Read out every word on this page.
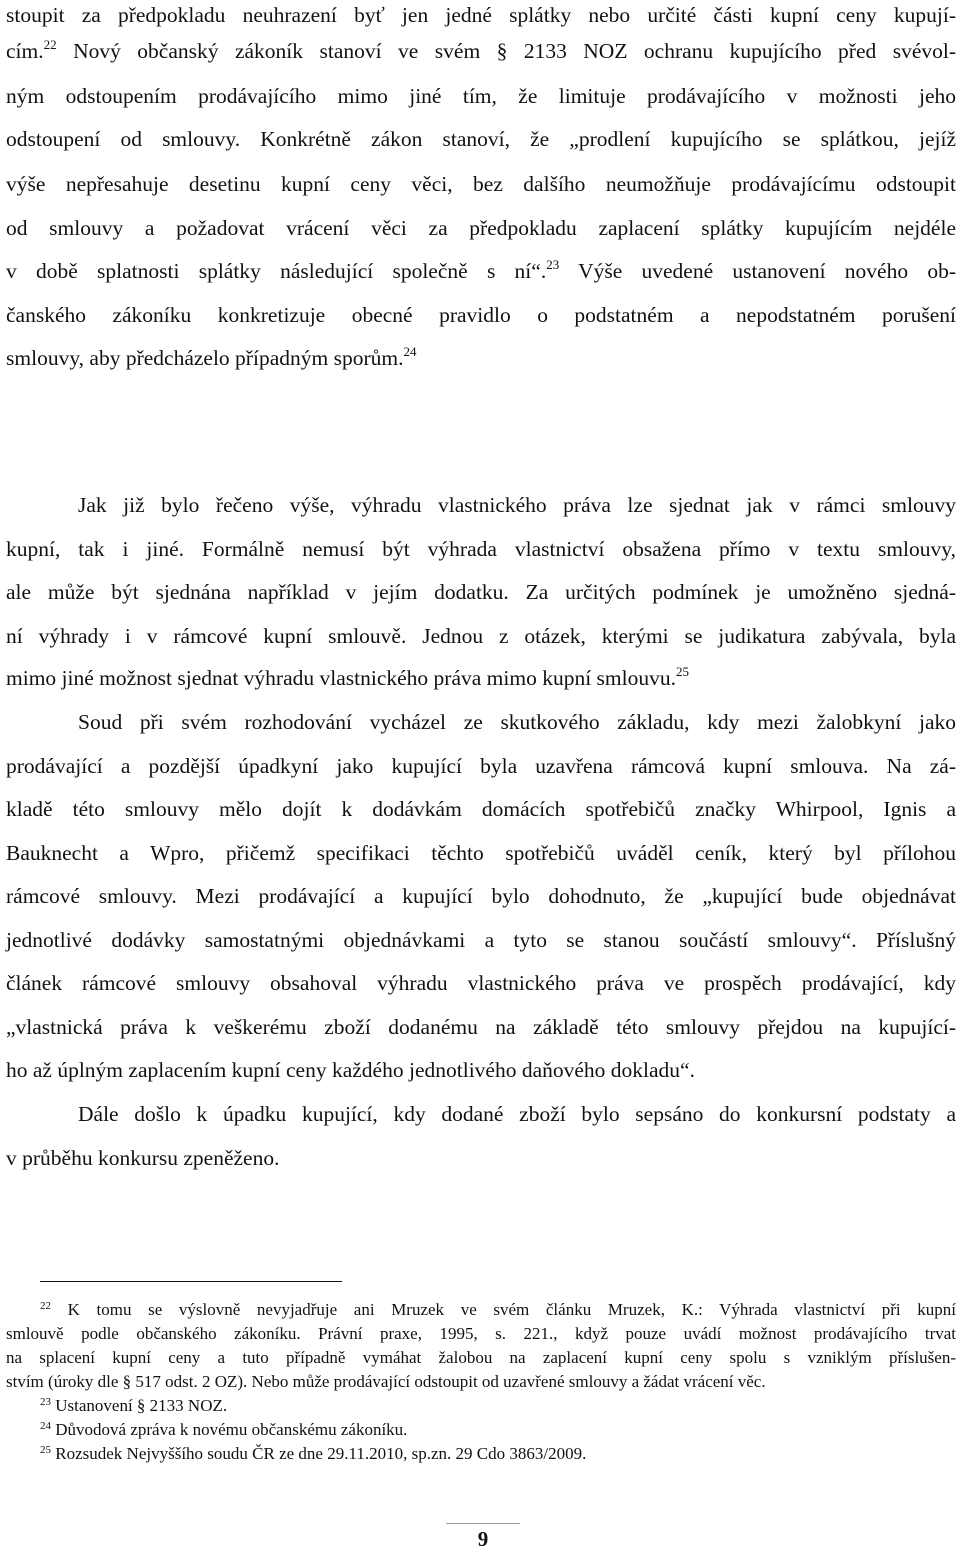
stoupit za předpokladu neuhrazení byť jen jedné splátky nebo určité části kupní ceny kupují-
cím.$^{22}$ Nový občanský zákoník stanoví ve svém § 2133 NOZ ochranu kupujícího před svévol-
ným odstoupením prodávajícího mimo jiné tím, že limituje prodávajícího v možnosti jeho
odstoupení od smlouvy. Konkrétně zákon stanoví, že „prodlení kupujícího se splátkou, jejíž
výše nepřesahuje desetinu kupní ceny věci, bez dalšího neumožňuje prodávajícímu odstoupit
od smlouvy a požadovat vrácení věci za předpokladu zaplacení splátky kupujícím nejdéle
v době splatnosti splátky následující společně s ní“.$^{23}$ Výše uvedené ustanovení nového ob-
čanského zákoníku konkretizuje obecné pravidlo o podstatném a nepodstatném porušení
smlouvy, aby předcházelo případným sporům.$^{24}$
Jak již bylo řečeno výše, výhradu vlastnického práva lze sjednat jak v rámci smlouvy
kupní, tak i jiné. Formálně nemusí být výhrada vlastnictví obsažena přímo v textu smlouvy,
ale může být sjednána například v jejím dodatku. Za určitých podmínek je umožněno sjedná-
ní výhrady i v rámcové kupní smlouvě. Jednou z otázek, kterými se judikatura zabývala, byla
mimo jiné možnost sjednat výhradu vlastnického práva mimo kupní smlouvu.$^{25}$
Soud při svém rozhodování vycházel ze skutkového základu, kdy mezi žalobkyní jako
prodávající a pozdější úpadkyní jako kupující byla uzavřena rámcová kupní smlouva. Na zá-
kladě této smlouvy mělo dojít k dodávkám domácích spotřebičů značky Whirpool, Ignis a
Bauknecht a Wpro, přičemž specifikaci těchto spotřebičů uváděl ceník, který byl přílohou
rámcové smlouvy. Mezi prodávající a kupující bylo dohodnuto, že „kupující bude objednávat
jednotlivé dodávky samostatnými objednávkami a tyto se stanou součástí smlouvy“. Příslušný
článek rámcové smlouvy obsahoval výhradu vlastnického práva ve prospěch prodávající, kdy
„vlastnická práva k veškerému zboží dodanému na základě této smlouvy přejdou na kupující-
ho až úplným zaplacením kupní ceny každého jednotlivého daňového dokladu“.
Dále došlo k úpadku kupující, kdy dodané zboží bylo sepsáno do konkursní podstaty a
v průběhu konkursu zpeněženo.
$^{22}$ K tomu se výslovně nevyjadřuje ani Mruzek ve svém článku Mruzek, K.: Výhrada vlastnictví při kupní
smlouvě podle občanského zákoníku. Právní praxe, 1995, s. 221., když pouze uvádí možnost prodávajícího trvat
na splacení kupní ceny a tuto případně vymáhat žalobou na zaplacení kupní ceny spolu s vzniklým příslušen-
stvím (úroky dle § 517 odst. 2 OZ). Nebo může prodávající odstoupit od uzavřené smlouvy a žádat vrácení věc.
$^{23}$ Ustanovení § 2133 NOZ.
$^{24}$ Důvodová zpráva k novému občanskému zákoníku.
$^{25}$ Rozsudek Nejvyššího soudu ČR ze dne 29.11.2010, sp.zn. 29 Cdo 3863/2009.
9
